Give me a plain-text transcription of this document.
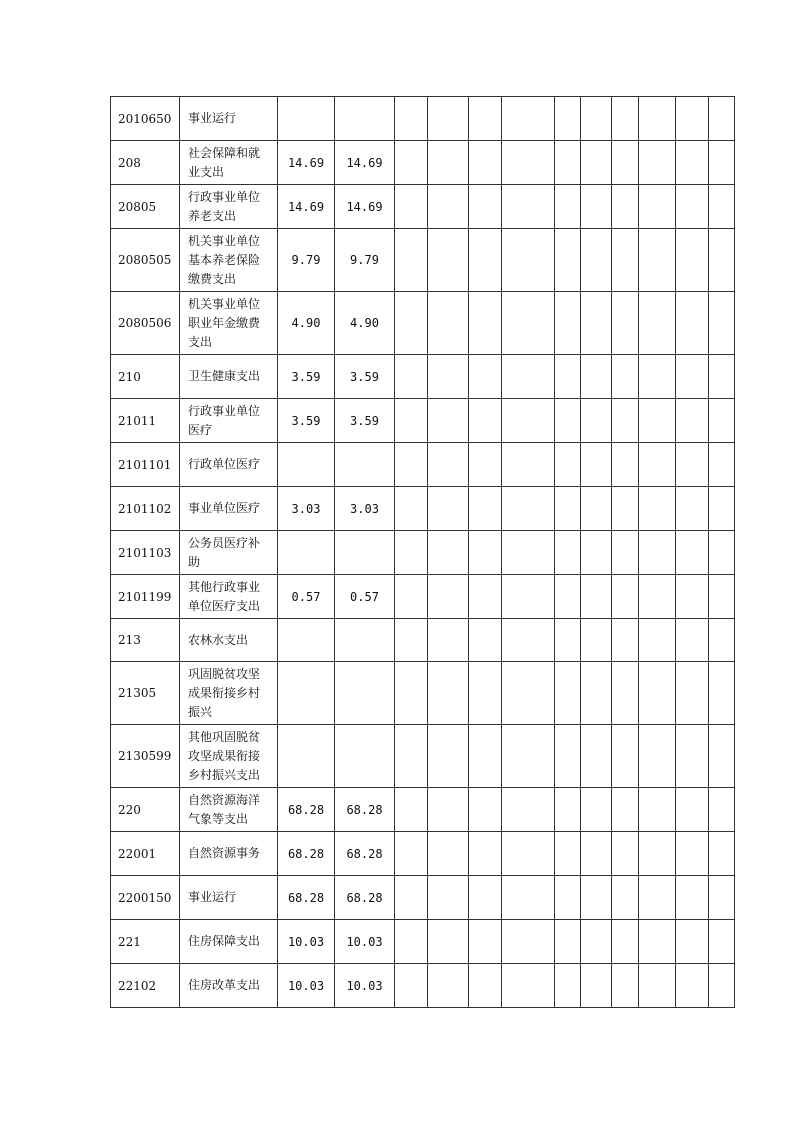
2010650	事业运行												
208	社会保障和就
业支出	14.69	14.69										
20805	行政事业单位
养老支出	14.69	14.69										
2080505	机关事业单位
基本养老保险
缴费支出	9.79	9.79										
2080506	机关事业单位
职业年金缴费
支出	4.90	4.90										
210	卫生健康支出	3.59	3.59										
21011	行政事业单位
医疗	3.59	3.59										
2101101	行政单位医疗												
2101102	事业单位医疗	3.03	3.03										
2101103	公务员医疗补
助												
2101199	其他行政事业
单位医疗支出	0.57	0.57										
213	农林水支出												
21305	巩固脱贫攻坚
成果衔接乡村
振兴												
2130599	其他巩固脱贫
攻坚成果衔接
乡村振兴支出												
220	自然资源海洋
气象等支出	68.28	68.28										
22001	自然资源事务	68.28	68.28										
2200150	事业运行	68.28	68.28										
221	住房保障支出	10.03	10.03										
22102	住房改革支出	10.03	10.03										
